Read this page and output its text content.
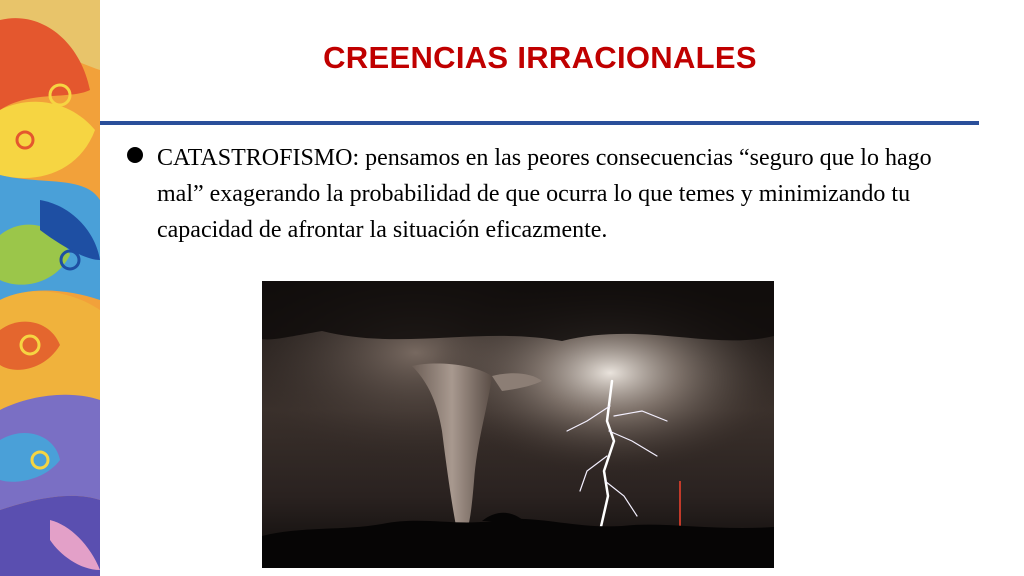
CREENCIAS IRRACIONALES
CATASTROFISMO: pensamos en las peores consecuencias “seguro que lo hago mal” exagerando la probabilidad de que ocurra lo que temes y minimizando tu capacidad de afrontar la situación eficazmente.
